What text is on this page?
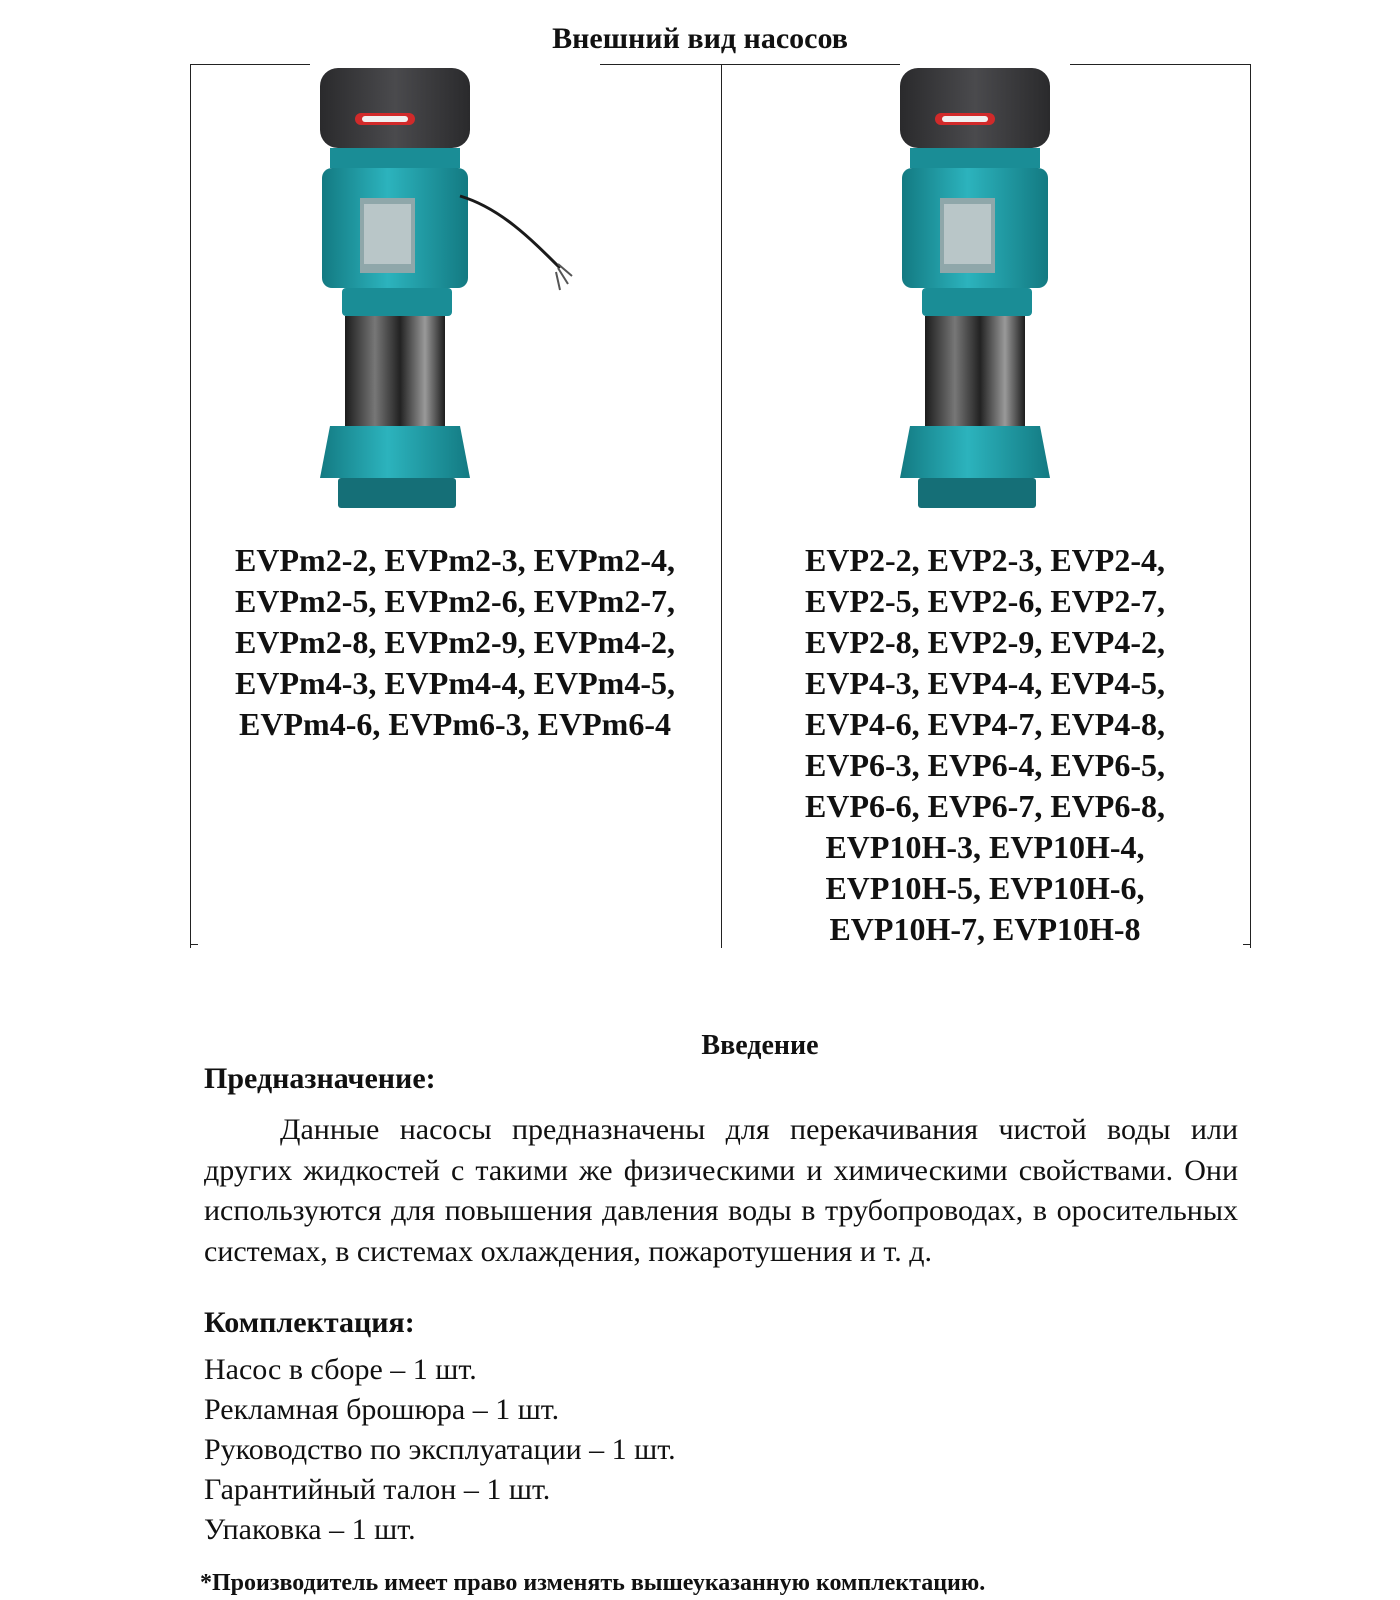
Внешний вид насосов
EVPm2-2, EVPm2-3, EVPm2-4,
EVPm2-5, EVPm2-6, EVPm2-7,
EVPm2-8, EVPm2-9, EVPm4-2,
EVPm4-3, EVPm4-4, EVPm4-5,
EVPm4-6, EVPm6-3, EVPm6-4
EVP2-2, EVP2-3, EVP2-4,
EVP2-5, EVP2-6, EVP2-7,
EVP2-8, EVP2-9, EVP4-2,
EVP4-3, EVP4-4, EVP4-5,
EVP4-6, EVP4-7, EVP4-8,
EVP6-3, EVP6-4, EVP6-5,
EVP6-6, EVP6-7, EVP6-8,
EVP10H-3, EVP10H-4,
EVP10H-5, EVP10H-6,
EVP10H-7, EVP10H-8
Введение
Предназначение:
Данные насосы предназначены для перекачивания чистой воды или других жидкостей с такими же физическими и химическими свойствами. Они используются для повышения давления воды в трубопроводах, в оросительных системах, в системах охлаждения, пожаротушения и т. д.
Комплектация:
Насос в сборе – 1 шт.
Рекламная брошюра – 1 шт.
Руководство по эксплуатации – 1 шт.
Гарантийный талон – 1 шт.
Упаковка – 1 шт.
*Производитель имеет право изменять вышеуказанную комплектацию.
